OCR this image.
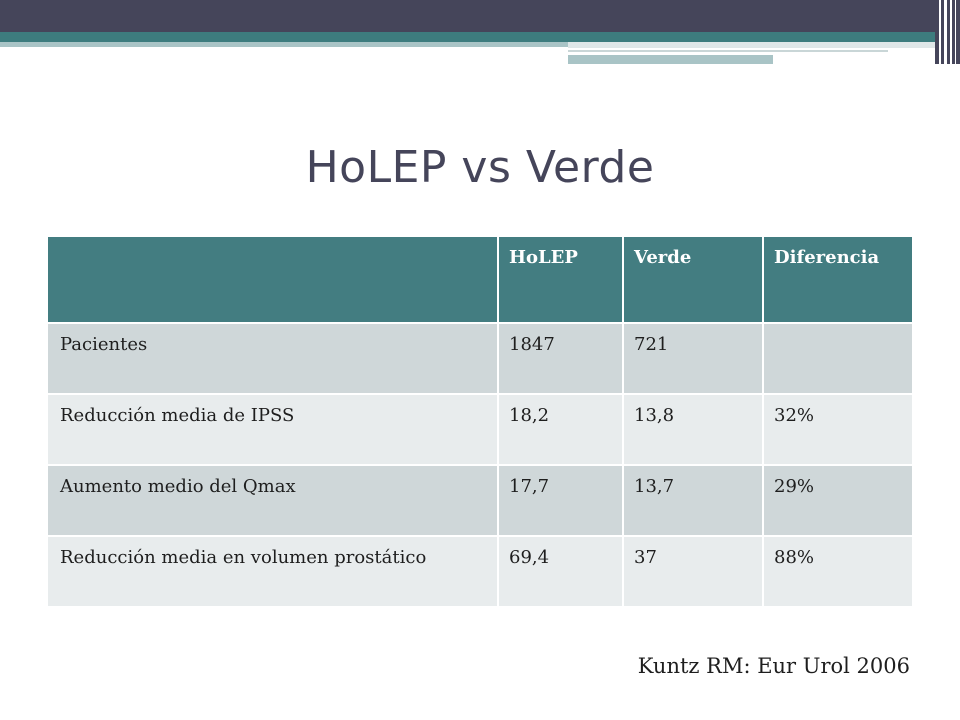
HoLEP vs Verde
	HoLEP	Verde	Diferencia
Pacientes	1847	721	
Reducción media de IPSS	18,2	13,8	32%
Aumento medio del Qmax	17,7	13,7	29%
Reducción media en volumen prostático	69,4	37	88%
Kuntz RM: Eur Urol 2006
